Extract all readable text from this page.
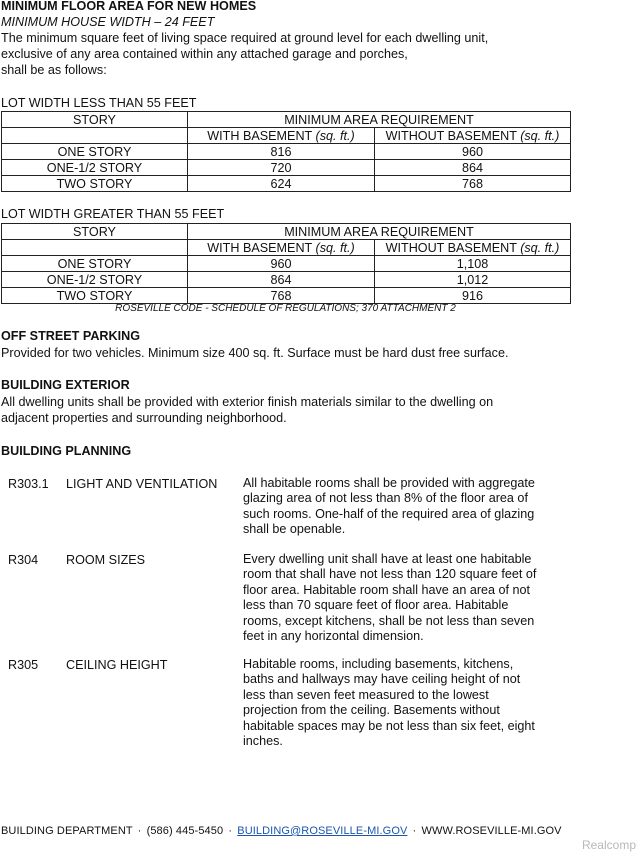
MINIMUM FLOOR AREA FOR NEW HOMES
MINIMUM HOUSE WIDTH – 24 FEET
The minimum square feet of living space required at ground level for each dwelling unit,
exclusive of any area contained within any attached garage and porches,
shall be as follows:
LOT WIDTH LESS THAN 55 FEET
STORY	MINIMUM AREA REQUIREMENT	
	WITH BASEMENT (sq. ft.)	WITHOUT BASEMENT (sq. ft.)
ONE STORY	816	960
ONE-1/2 STORY	720	864
TWO STORY	624	768
LOT WIDTH GREATER THAN 55 FEET
STORY	MINIMUM AREA REQUIREMENT	
	WITH BASEMENT (sq. ft.)	WITHOUT BASEMENT (sq. ft.)
ONE STORY	960	1,108
ONE-1/2 STORY	864	1,012
TWO STORY	768	916
ROSEVILLE CODE - SCHEDULE OF REGULATIONS; 370 ATTACHMENT 2
OFF STREET PARKING
Provided for two vehicles. Minimum size 400 sq. ft. Surface must be hard dust free surface.
BUILDING EXTERIOR
All dwelling units shall be provided with exterior finish materials similar to the dwelling on
adjacent properties and surrounding neighborhood.
BUILDING PLANNING
R303.1 LIGHT AND VENTILATION All habitable rooms shall be provided with aggregate
glazing area of not less than 8% of the floor area of
such rooms. One-half of the required area of glazing
shall be openable.
R304 ROOM SIZES	Every dwelling unit shall have at least one habitable
room that shall have not less than 120 square feet of
floor area. Habitable room shall have an area of not
less than 70 square feet of floor area. Habitable
rooms, except kitchens, shall be not less than seven
feet in any horizontal dimension.
R305 CEILING HEIGHT	Habitable rooms, including basements, kitchens,
baths and hallways may have ceiling height of not
less than seven feet measured to the lowest
projection from the ceiling. Basements without
habitable spaces may be not less than six feet, eight
inches.
BUILDING DEPARTMENT · (586) 445-5450 · BUILDING@ROSEVILLE-MI.GOV · WWW.ROSEVILLE-MI.GOV
Realcomp
